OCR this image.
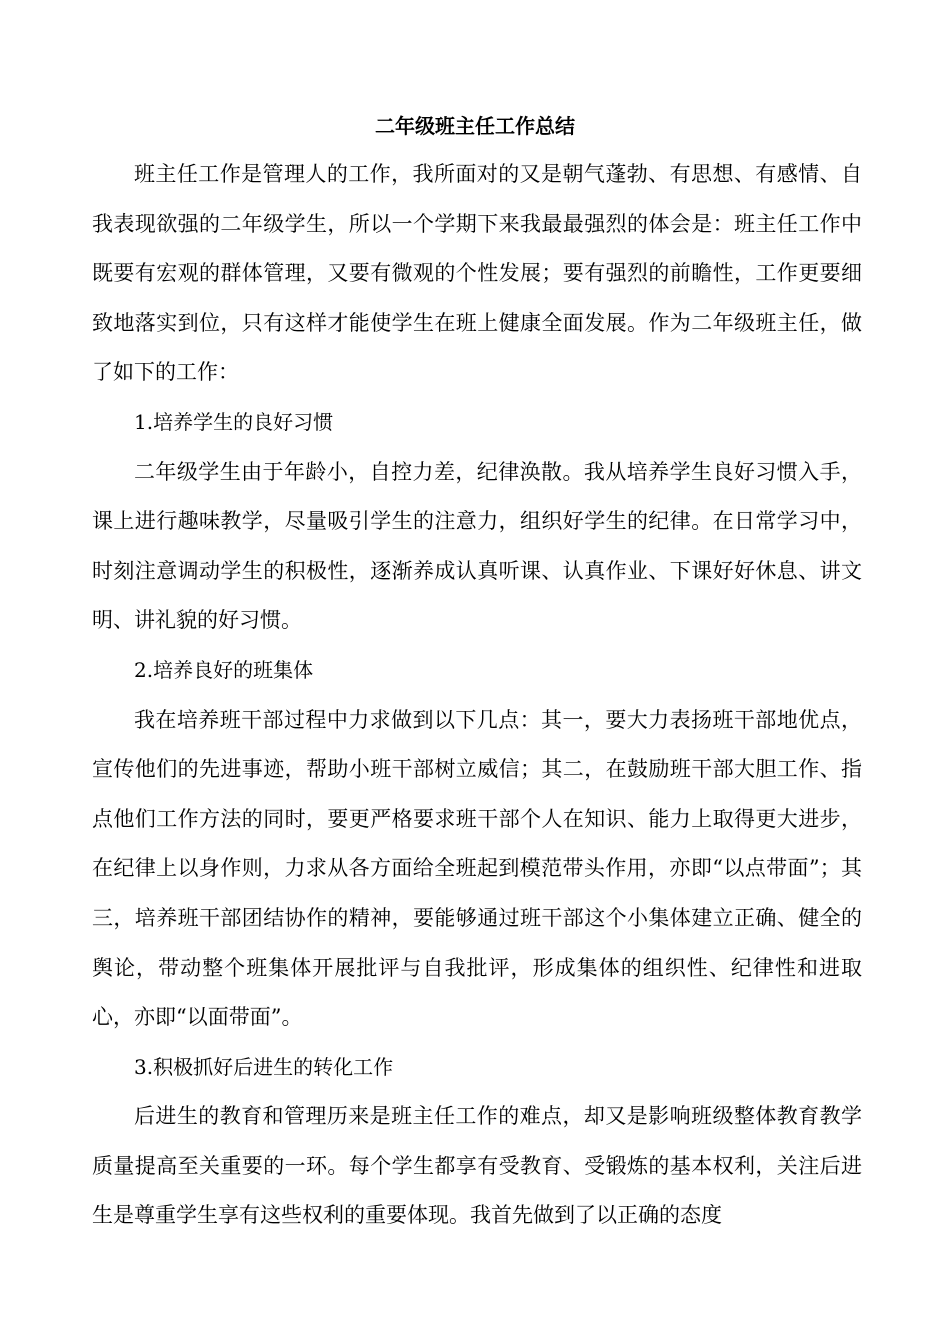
二年级班主任工作总结

班主任工作是管理人的工作，我所面对的又是朝气蓬勃、有思想、有感情、自我表现欲强的二年级学生，所以一个学期下来我最最强烈的体会是：班主任工作中既要有宏观的群体管理，又要有微观的个性发展；要有强烈的前瞻性，工作更要细致地落实到位，只有这样才能使学生在班上健康全面发展。作为二年级班主任，做了如下的工作：

1.培养学生的良好习惯

二年级学生由于年龄小，自控力差，纪律涣散。我从培养学生良好习惯入手，课上进行趣味教学，尽量吸引学生的注意力，组织好学生的纪律。在日常学习中，时刻注意调动学生的积极性，逐渐养成认真听课、认真作业、下课好好休息、讲文明、讲礼貌的好习惯。

2.培养良好的班集体

我在培养班干部过程中力求做到以下几点：其一，要大力表扬班干部地优点，宣传他们的先进事迹，帮助小班干部树立威信；其二，在鼓励班干部大胆工作、指点他们工作方法的同时，要更严格要求班干部个人在知识、能力上取得更大进步，在纪律上以身作则，力求从各方面给全班起到模范带头作用，亦即“以点带面”；其三，培养班干部团结协作的精神，要能够通过班干部这个小集体建立正确、健全的舆论，带动整个班集体开展批评与自我批评，形成集体的组织性、纪律性和进取心，亦即“以面带面”。

3.积极抓好后进生的转化工作

后进生的教育和管理历来是班主任工作的难点，却又是影响班级整体教育教学质量提高至关重要的一环。每个学生都享有受教育、受锻炼的基本权利，关注后进生是尊重学生享有这些权利的重要体现。我首先做到了以正确的态度
